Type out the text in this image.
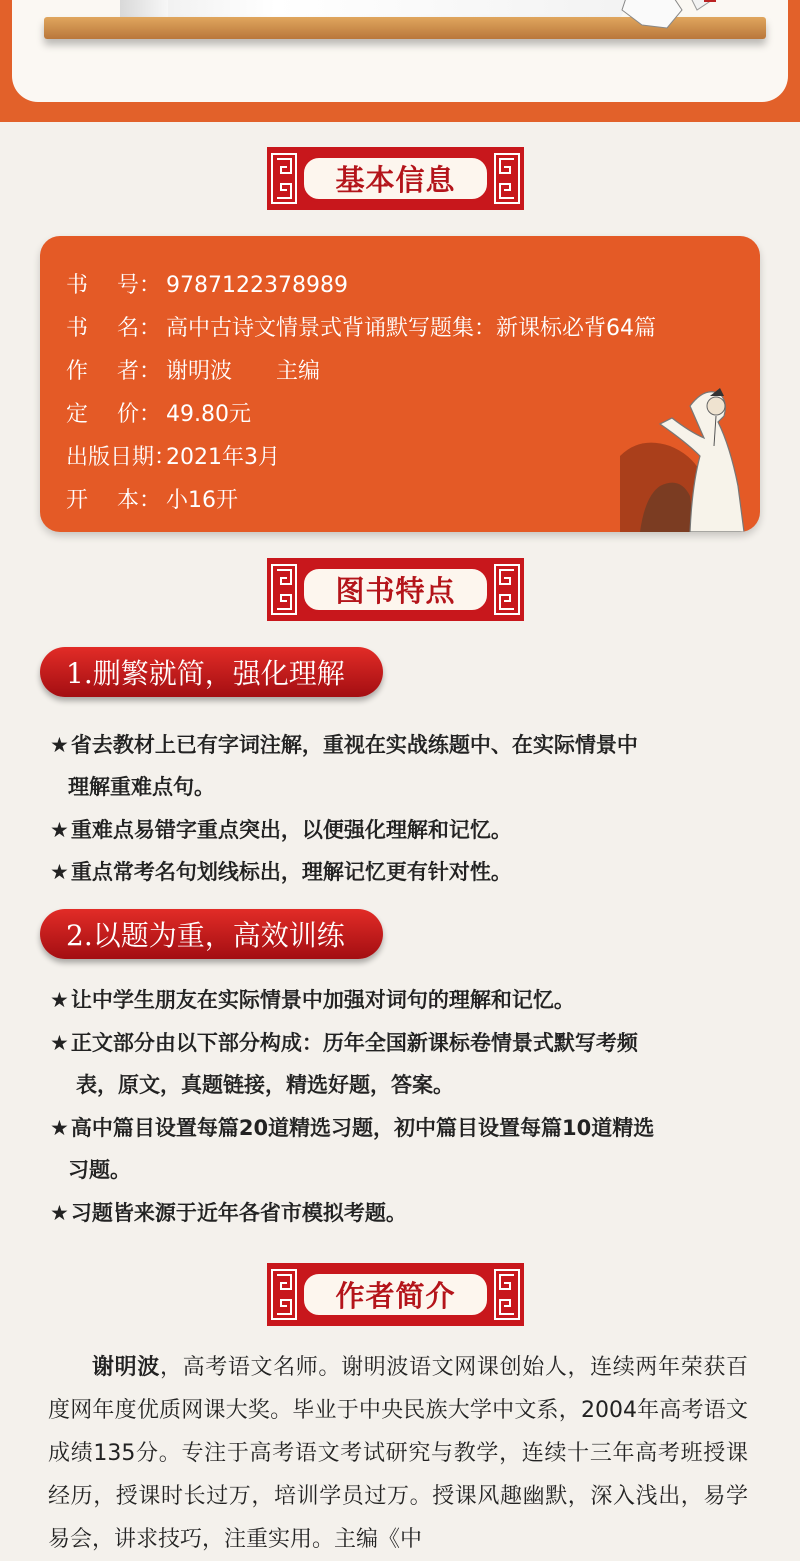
基本信息
书　 号： 9787122378989
书　 名： 高中古诗文情景式背诵默写题集：新课标必背64篇
作　 者： 谢明波　　主编
定　 价： 49.80元
出版日期：2021年3月
开　 本： 小16开
图书特点
1.删繁就简，强化理解
★省去教材上已有字词注解，重视在实战练题中、在实际情景中
理解重难点句。
★重难点易错字重点突出，以便强化理解和记忆。
★重点常考名句划线标出，理解记忆更有针对性。
2.以题为重，高效训练
★让中学生朋友在实际情景中加强对词句的理解和记忆。
★正文部分由以下部分构成：历年全国新课标卷情景式默写考频
表，原文，真题链接，精选好题，答案。
★高中篇目设置每篇20道精选习题，初中篇目设置每篇10道精选
习题。
★习题皆来源于近年各省市模拟考题。
作者简介
谢明波，高考语文名师。谢明波语文网课创始人，连续两年荣获百度网年度优质网课大奖。毕业于中央民族大学中文系，2004年高考语文成绩135分。专注于高考语文考试研究与教学，连续十三年高考班授课经历，授课时长过万，培训学员过万。授课风趣幽默，深入浅出，易学易会，讲求技巧，注重实用。主编《中
